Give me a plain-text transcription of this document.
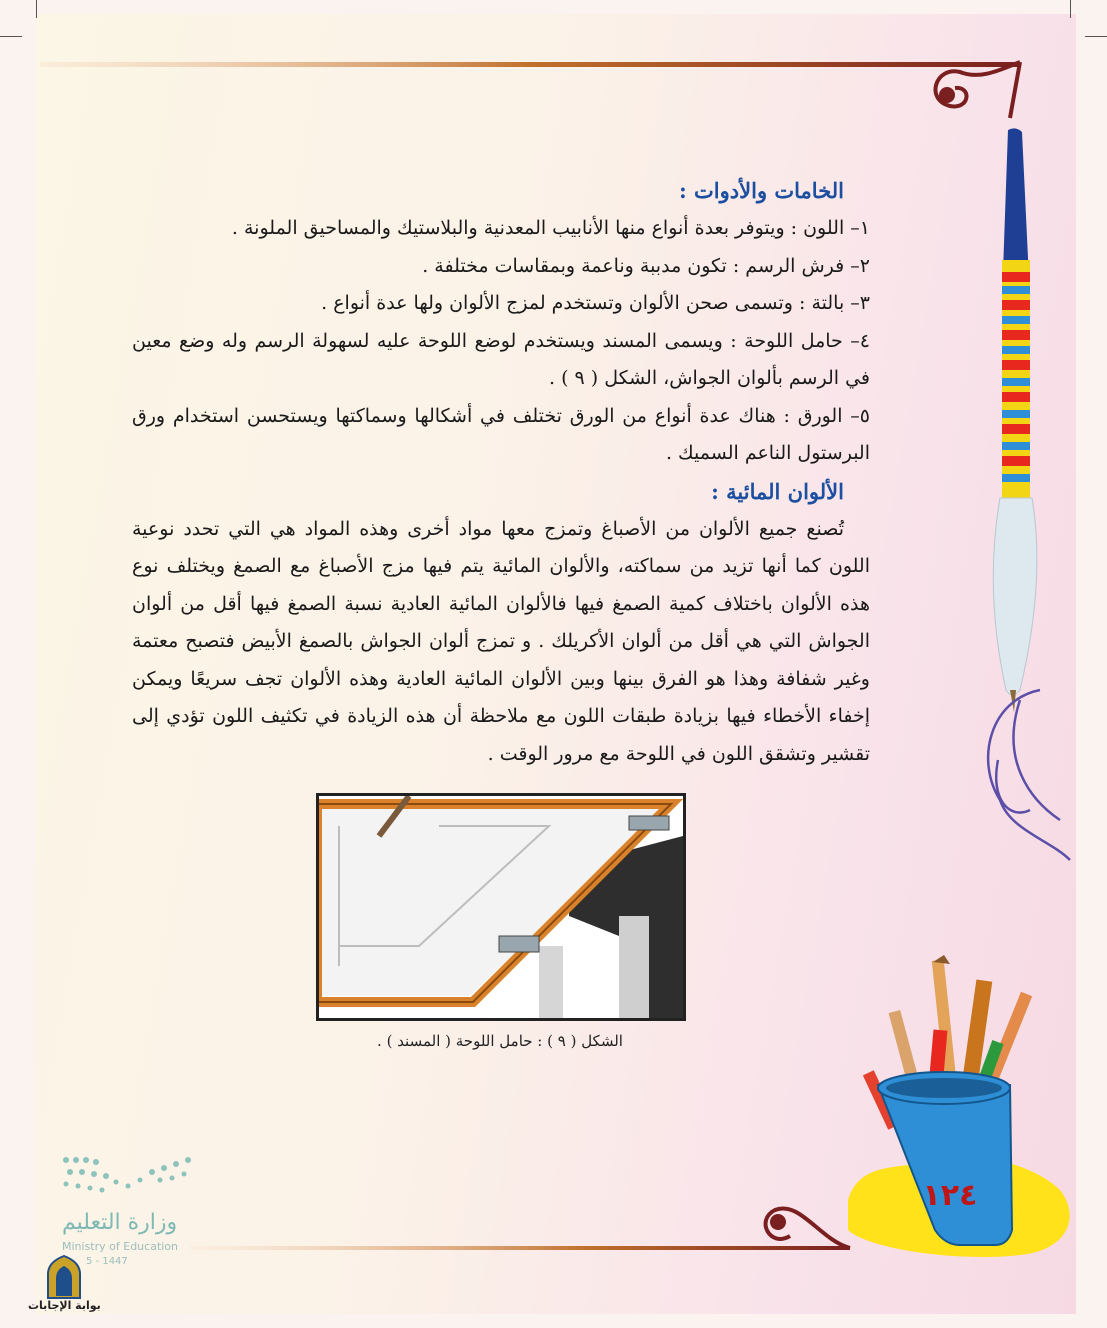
الخامات والأدوات :

١– اللون : ويتوفر بعدة أنواع منها الأنابيب المعدنية والبلاستيك والمساحيق الملونة .

٢– فرش الرسم : تكون مدببة وناعمة وبمقاسات مختلفة .

٣– بالتة : وتسمى صحن الألوان وتستخدم لمزج الألوان ولها عدة أنواع .

٤– حامل اللوحة : ويسمى المسند ويستخدم لوضع اللوحة عليه لسهولة الرسم وله وضع معين في الرسم بألوان الجواش، الشكل ( ٩ ) .

٥– الورق : هناك عدة أنواع من الورق تختلف في أشكالها وسماكتها ويستحسن استخدام ورق البرستول الناعم السميك .

الألوان المائية :

تُصنع جميع الألوان من الأصباغ وتمزج معها مواد أخرى وهذه المواد هي التي تحدد نوعية اللون كما أنها تزيد من سماكته، والألوان المائية يتم فيها مزج الأصباغ مع الصمغ ويختلف نوع هذه الألوان باختلاف كمية الصمغ فيها فالألوان المائية العادية نسبة الصمغ فيها أقل من ألوان الجواش التي هي أقل من ألوان الأكريلك . و تمزج ألوان الجواش بالصمغ الأبيض فتصبح معتمة وغير شفافة وهذا هو الفرق بينها وبين الألوان المائية العادية وهذه الألوان تجف سريعًا ويمكن إخفاء الأخطاء فيها بزيادة طبقات اللون مع ملاحظة أن هذه الزيادة في تكثيف اللون تؤدي إلى تقشير وتشقق اللون في اللوحة مع مرور الوقت .

الشكل ( ٩ ) : حامل اللوحة ( المسند ) .
١٢٤
وزارة التعليم
Ministry of Education
5 - 1447
بوابة الإجابات
